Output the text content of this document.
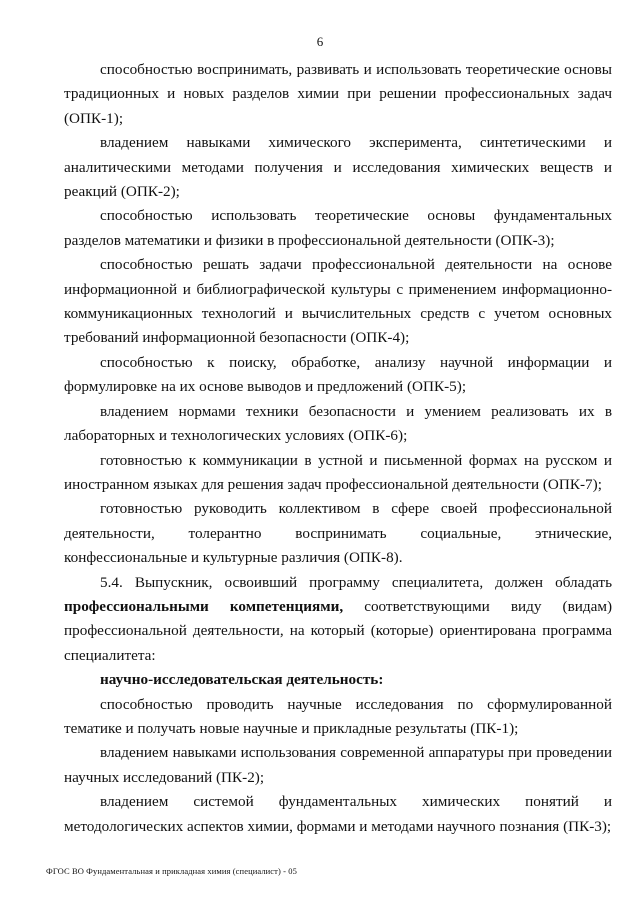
6

способностью воспринимать, развивать и использовать теоретические основы традиционных и новых разделов химии при решении профессиональных задач (ОПК-1);

владением навыками химического эксперимента, синтетическими и аналитическими методами получения и исследования химических веществ и реакций (ОПК-2);

способностью использовать теоретические основы фундаментальных разделов математики и физики в профессиональной деятельности (ОПК-3);

способностью решать задачи профессиональной деятельности на основе информационной и библиографической культуры с применением информационно-коммуникационных технологий и вычислительных средств с учетом основных требований информационной безопасности (ОПК-4);

способностью к поиску, обработке, анализу научной информации и формулировке на их основе выводов и предложений (ОПК-5);

владением нормами техники безопасности и умением реализовать их в лабораторных и технологических условиях (ОПК-6);

готовностью к коммуникации в устной и письменной формах на русском и иностранном языках для решения задач профессиональной деятельности (ОПК-7);

готовностью руководить коллективом в сфере своей профессиональной деятельности, толерантно воспринимать социальные, этнические, конфессиональные и культурные различия (ОПК-8).

5.4. Выпускник, освоивший программу специалитета, должен обладать профессиональными компетенциями, соответствующими виду (видам) профессиональной деятельности, на который (которые) ориентирована программа специалитета:

научно-исследовательская деятельность:

способностью проводить научные исследования по сформулированной тематике и получать новые научные и прикладные результаты (ПК-1);

владением навыками использования современной аппаратуры при проведении научных исследований (ПК-2);

владением системой фундаментальных химических понятий и методологических аспектов химии, формами и методами научного познания (ПК-3);

ФГОС ВО Фундаментальная и прикладная химия (специалист) - 05
